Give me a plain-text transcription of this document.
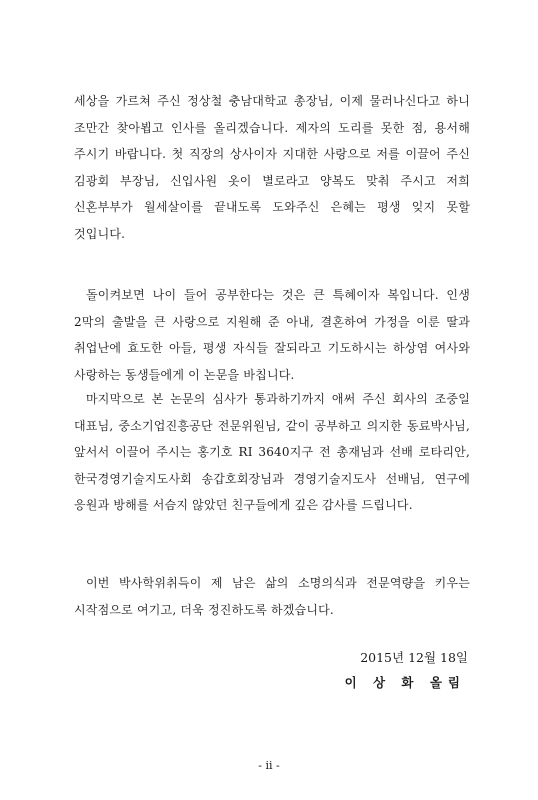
세상을 가르쳐 주신 정상철 충남대학교 총장님, 이제 물러나신다고 하니 조만간 찾아뵙고 인사를 올리겠습니다. 제자의 도리를 못한 점, 용서해 주시기 바랍니다. 첫 직장의 상사이자 지대한 사랑으로 저를 이끌어 주신 김광회 부장님, 신입사원 옷이 별로라고 양복도 맞춰 주시고 저희 신혼부부가 월세살이를 끝내도록 도와주신 은혜는 평생 잊지 못할 것입니다.

돌이켜보면 나이 들어 공부한다는 것은 큰 특혜이자 복입니다. 인생 2막의 출발을 큰 사랑으로 지원해 준 아내, 결혼하여 가정을 이룬 딸과 취업난에 효도한 아들, 평생 자식들 잘되라고 기도하시는 하상염 여사와 사랑하는 동생들에게 이 논문을 바칩니다.

마지막으로 본 논문의 심사가 통과하기까지 애써 주신 회사의 조중일 대표님, 중소기업진흥공단 전문위원님, 같이 공부하고 의지한 동료박사님, 앞서서 이끌어 주시는 홍기호 RI 3640지구 전 총재님과 선배 로타리안, 한국경영기술지도사회 송갑호회장님과 경영기술지도사 선배님, 연구에 응원과 방해를 서슴지 않았던 친구들에게 깊은 감사를 드립니다.

이번 박사학위취득이 제 남은 삶의 소명의식과 전문역량을 키우는 시작점으로 여기고, 더욱 정진하도록 하겠습니다.

2015년 12월 18일
이 상 화 올림
- ii -
